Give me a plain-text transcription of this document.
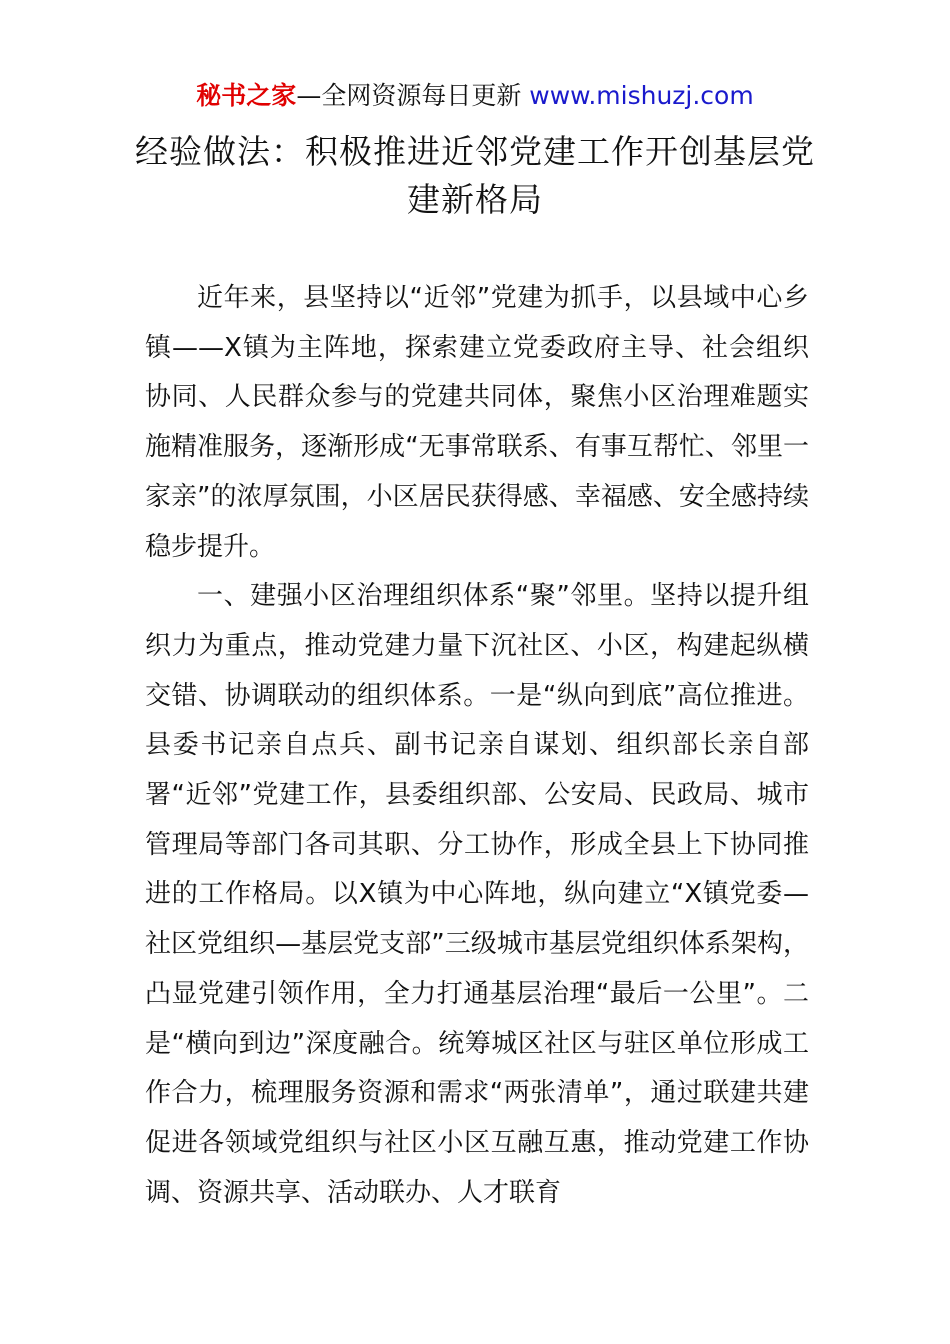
秘书之家—全网资源每日更新 www.mishuzj.com
经验做法：积极推进近邻党建工作开创基层党建新格局

近年来，县坚持以“近邻”党建为抓手，以县域中心乡镇——X镇为主阵地，探索建立党委政府主导、社会组织协同、人民群众参与的党建共同体，聚焦小区治理难题实施精准服务，逐渐形成“无事常联系、有事互帮忙、邻里一家亲”的浓厚氛围，小区居民获得感、幸福感、安全感持续稳步提升。

一、建强小区治理组织体系“聚”邻里。坚持以提升组织力为重点，推动党建力量下沉社区、小区，构建起纵横交错、协调联动的组织体系。一是“纵向到底”高位推进。县委书记亲自点兵、副书记亲自谋划、组织部长亲自部署“近邻”党建工作，县委组织部、公安局、民政局、城市管理局等部门各司其职、分工协作，形成全县上下协同推进的工作格局。以X镇为中心阵地，纵向建立“X镇党委—社区党组织—基层党支部”三级城市基层党组织体系架构，凸显党建引领作用，全力打通基层治理“最后一公里”。二是“横向到边”深度融合。统筹城区社区与驻区单位形成工作合力，梳理服务资源和需求“两张清单”，通过联建共建促进各领域党组织与社区小区互融互惠，推动党建工作协调、资源共享、活动联办、人才联育
